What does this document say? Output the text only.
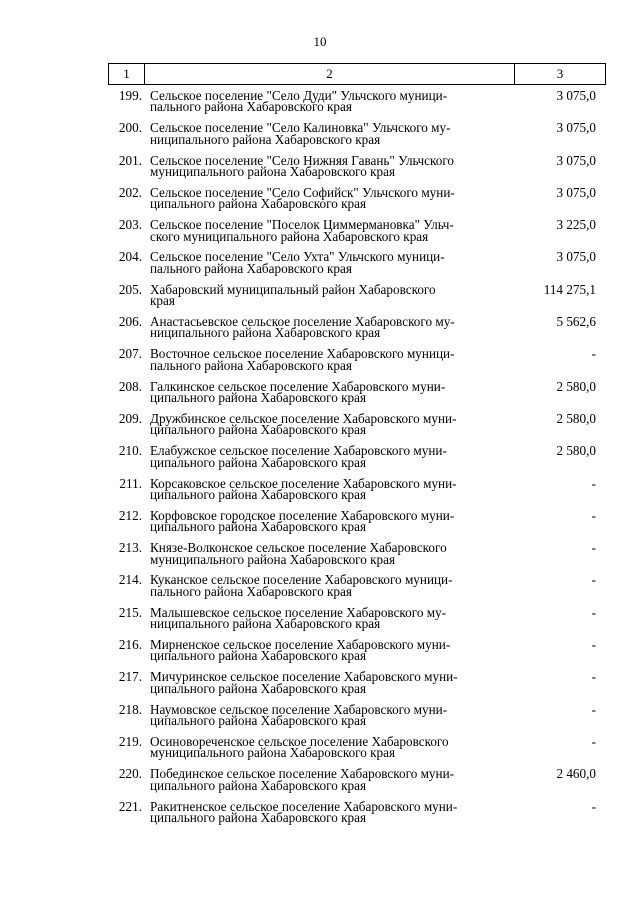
10
1	2	3
199. Сельское поселение "Село Дуди" Ульчского муници-
пального района Хабаровского края
3 075,0
200. Сельское поселение "Село Калиновка" Ульчского му-
ниципального района Хабаровского края
3 075,0
201. Сельское поселение "Село Нижняя Гавань" Ульчского
муниципального района Хабаровского края
3 075,0
202. Сельское поселение "Село Софийск" Ульчского муни-
ципального района Хабаровского края
3 075,0
203. Сельское поселение "Поселок Циммермановка" Ульч-
ского муниципального района Хабаровского края
3 225,0
204. Сельское поселение "Село Ухта" Ульчского муници-
пального района Хабаровского края
3 075,0
205. Хабаровский муниципальный район Хабаровского
края
114 275,1
206. Анастасьевское сельское поселение Хабаровского му-
ниципального района Хабаровского края
5 562,6
207. Восточное сельское поселение Хабаровского муници-
пального района Хабаровского края
-
208. Галкинское сельское поселение Хабаровского муни-
ципального района Хабаровского края
2 580,0
209. Дружбинское сельское поселение Хабаровского муни-
ципального района Хабаровского края
2 580,0
210. Елабужское сельское поселение Хабаровского муни-
ципального района Хабаровского края
2 580,0
211. Корсаковское сельское поселение Хабаровского муни-
ципального района Хабаровского края
-
212. Корфовское городское поселение Хабаровского муни-
ципального района Хабаровского края
-
213. Князе-Волконское сельское поселение Хабаровского
муниципального района Хабаровского края
-
214. Куканское сельское поселение Хабаровского муници-
пального района Хабаровского края
-
215. Малышевское сельское поселение Хабаровского му-
ниципального района Хабаровского края
-
216. Мирненское сельское поселение Хабаровского муни-
ципального района Хабаровского края
-
217. Мичуринское сельское поселение Хабаровского муни-
ципального района Хабаровского края
-
218. Наумовское сельское поселение Хабаровского муни-
ципального района Хабаровского края
-
219. Осиновореченское сельское поселение Хабаровского
муниципального района Хабаровского края
-
220. Побединское сельское поселение Хабаровского муни-
ципального района Хабаровского края
2 460,0
221. Ракитненское сельское поселение Хабаровского муни-
ципального района Хабаровского края
-
